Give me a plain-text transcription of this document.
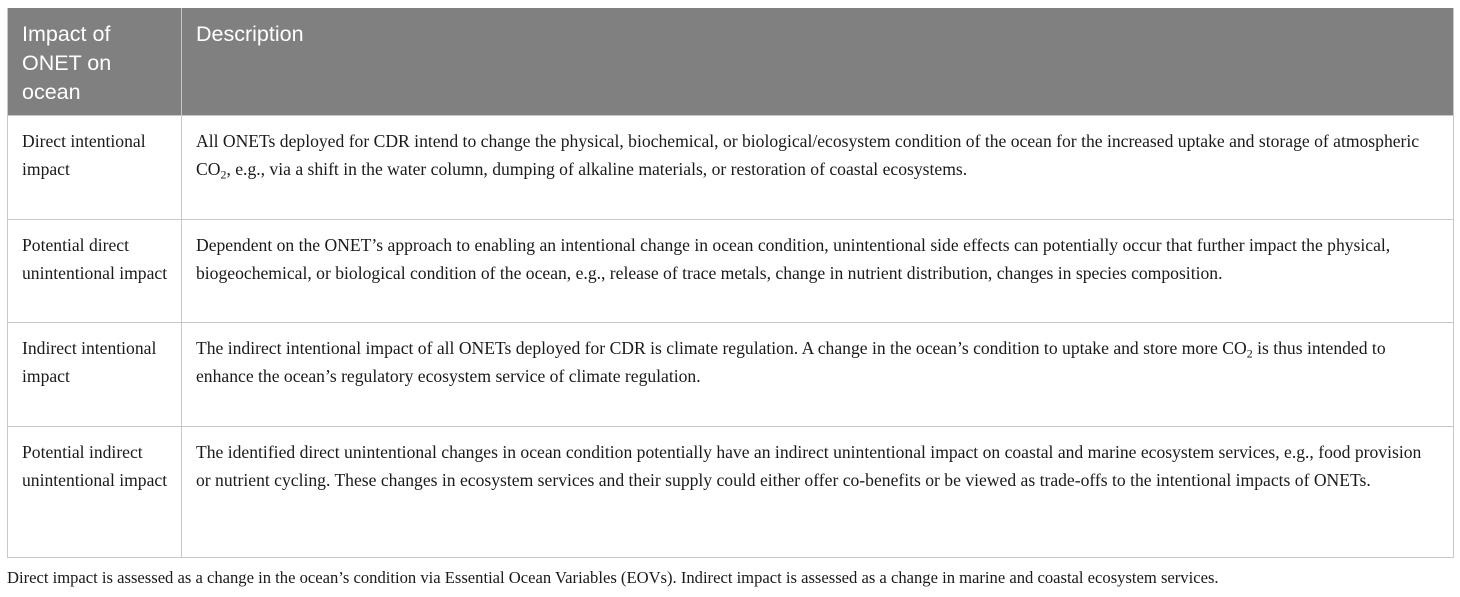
Impact of ONET on ocean	Description
Direct intentional impact	All ONETs deployed for CDR intend to change the physical, biochemical, or biological/ecosystem condition of the ocean for the increased uptake and storage of atmospheric $CO_2$, e.g., via a shift in the water column, dumping of alkaline materials, or restoration of coastal ecosystems.
Potential direct unintentional impact	Dependent on the ONET’s approach to enabling an intentional change in ocean condition, unintentional side effects can potentially occur that further impact the physical, biogeochemical, or biological condition of the ocean, e.g., release of trace metals, change in nutrient distribution, changes in species composition.
Indirect intentional impact	The indirect intentional impact of all ONETs deployed for CDR is climate regulation. A change in the ocean’s condition to uptake and store more $CO_2$ is thus intended to enhance the ocean’s regulatory ecosystem service of climate regulation.
Potential indirect unintentional impact	The identified direct unintentional changes in ocean condition potentially have an indirect unintentional impact on coastal and marine ecosystem services, e.g., food provision or nutrient cycling. These changes in ecosystem services and their supply could either offer co-benefits or be viewed as trade-offs to the intentional impacts of ONETs.
Direct impact is assessed as a change in the ocean’s condition via Essential Ocean Variables (EOVs). Indirect impact is assessed as a change in marine and coastal ecosystem services.
